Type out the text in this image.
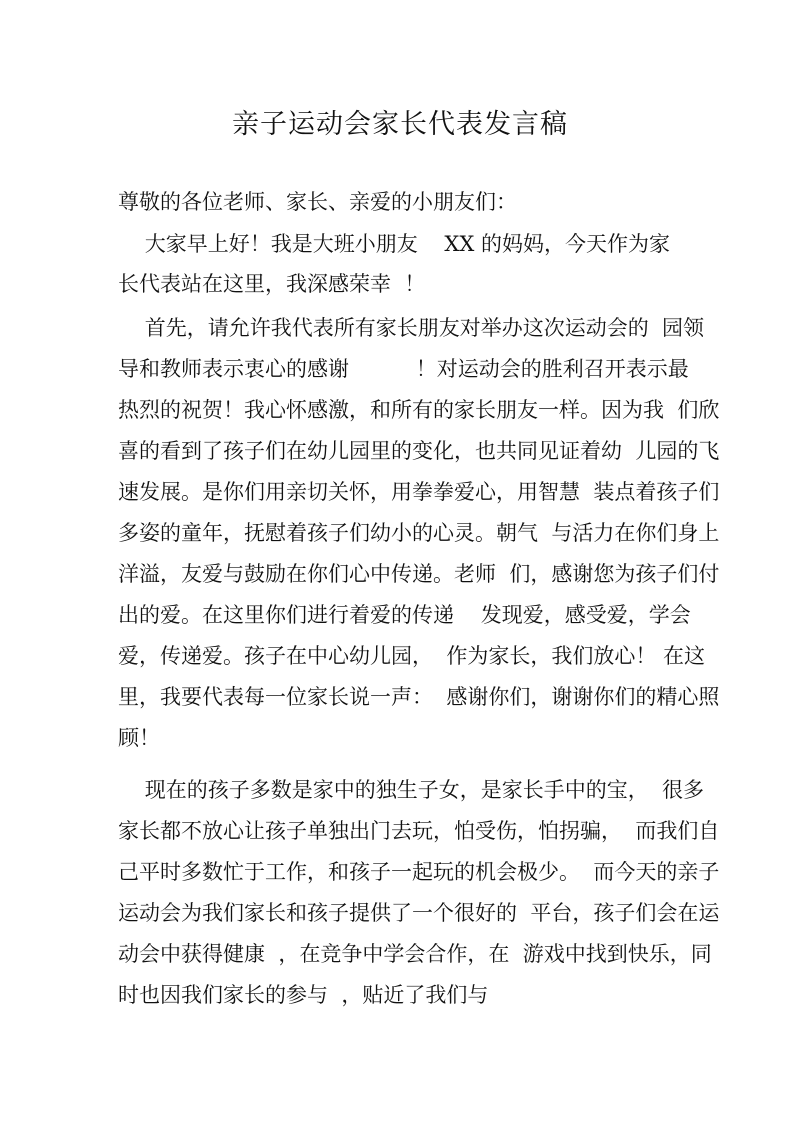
亲子运动会家长代表发言稿
尊敬的各位老师、家长、亲爱的小朋友们：
大家早上好！我是大班小朋友    XX 的妈妈，今天作为家
长代表站在这里，我深感荣幸  ！
首先，请允许我代表所有家长朋友对举办这次运动会的  园领
导和教师表示衷心的感谢          ！对运动会的胜利召开表示最
热烈的祝贺！我心怀感激，和所有的家长朋友一样。因为我  们欣
喜的看到了孩子们在幼儿园里的变化，也共同见证着幼  儿园的飞
速发展。是你们用亲切关怀，用拳拳爱心，用智慧  装点着孩子们
多姿的童年，抚慰着孩子们幼小的心灵。朝气  与活力在你们身上
洋溢，友爱与鼓励在你们心中传递。老师  们，感谢您为孩子们付
出的爱。在这里你们进行着爱的传递    发现爱，感受爱，学会
爱，传递爱。孩子在中心幼儿园，  作为家长，我们放心！ 在这
里，我要代表每一位家长说一声：  感谢你们，谢谢你们的精心照
顾！
现在的孩子多数是家中的独生子女，是家长手中的宝，  很多
家长都不放心让孩子单独出门去玩，怕受伤，怕拐骗，  而我们自
己平时多数忙于工作，和孩子一起玩的机会极少。  而今天的亲子
运动会为我们家长和孩子提供了一个很好的  平台，孩子们会在运
动会中获得健康  ，在竞争中学会合作，在  游戏中找到快乐，同
时也因我们家长的参与  ，贴近了我们与
